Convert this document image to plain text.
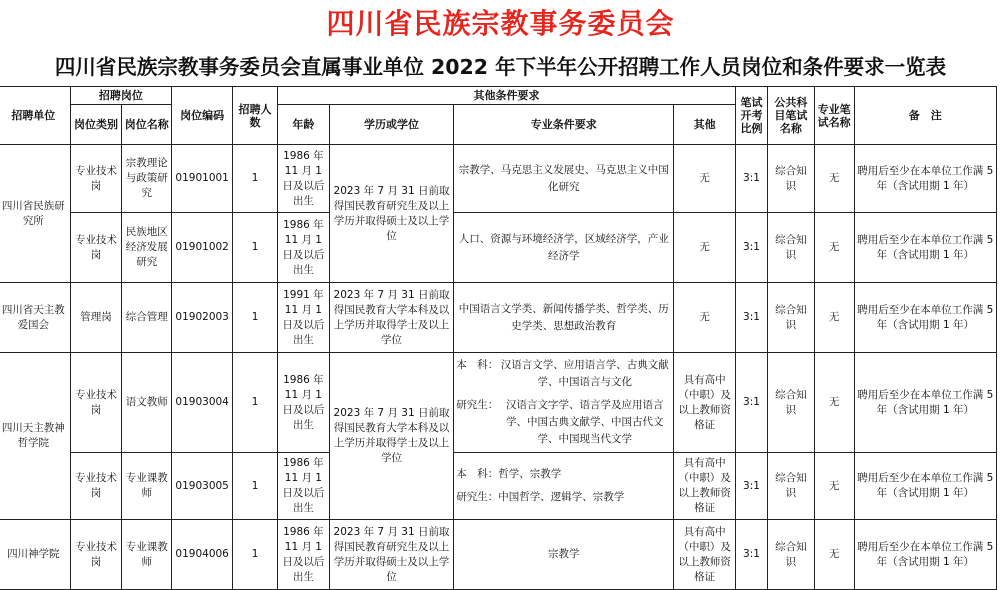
四川省民族宗教事务委员会
四川省民族宗教事务委员会直属事业单位 2022 年下半年公开招聘工作人员岗位和条件要求一览表
招聘单位	招聘岗位		岗位编码	招聘人数	其他条件要求				笔试开考比例	公共科目笔试名称	专业笔试名称	备　注
	岗位类别	岗位名称			年龄	学历或学位	专业条件要求	其他				
四川省民族研究所	专业技术岗	宗教理论与政策研究	01901001	1	1986 年 11 月 1 日及以后出生	2023 年 7 月 31 日前取得国民教育研究生及以上学历并取得硕士及以上学位	宗教学、马克思主义发展史、马克思主义中国化研究	无	3:1	综合知识	无	聘用后至少在本单位工作满 5 年（含试用期 1 年）
	专业技术岗	民族地区经济发展研究	01901002	1	1986 年 11 月 1 日及以后出生		人口、资源与环境经济学，区域经济学，产业经济学	无	3:1	综合知识	无	聘用后至少在本单位工作满 5 年（含试用期 1 年）
四川省天主教爱国会	管理岗	综合管理	01902003	1	1991 年 11 月 1 日及以后出生	2023 年 7 月 31 日前取得国民教育大学本科及以上学历并取得学士及以上学位	中国语言文学类、新闻传播学类、哲学类、历史学类、思想政治教育	无	3:1	综合知识	无	聘用后至少在本单位工作满 5 年（含试用期 1 年）
四川天主教神哲学院	专业技术岗	语文教师	01903004	1	1986 年 11 月 1 日及以后出生	2023 年 7 月 31 日前取得国民教育大学本科及以上学历并取得学士及以上学位	本　科： 汉语言文学、应用语言学、古典文献学、中国语言与文化
研究生： 汉语言文字学、语言学及应用语言学、中国古典文献学、中国古代文学、中国现当代文学	具有高中（中职）及以上教师资格证	3:1	综合知识	无	聘用后至少在本单位工作满 5 年（含试用期 1 年）
	专业技术岗	专业课教师	01903005	1	1986 年 11 月 1 日及以后出生		本　科： 哲学、宗教学
研究生： 中国哲学、逻辑学、宗教学	具有高中（中职）及以上教师资格证	3:1	综合知识	无	聘用后至少在本单位工作满 5 年（含试用期 1 年）
四川神学院	专业技术岗	专业课教师	01904006	1	1986 年 11 月 1 日及以后出生	2023 年 7 月 31 日前取得国民教育研究生及以上学历并取得硕士及以上学位	宗教学	具有高中（中职）及以上教师资格证	3:1	综合知识	无	聘用后至少在本单位工作满 5 年（含试用期 1 年）
